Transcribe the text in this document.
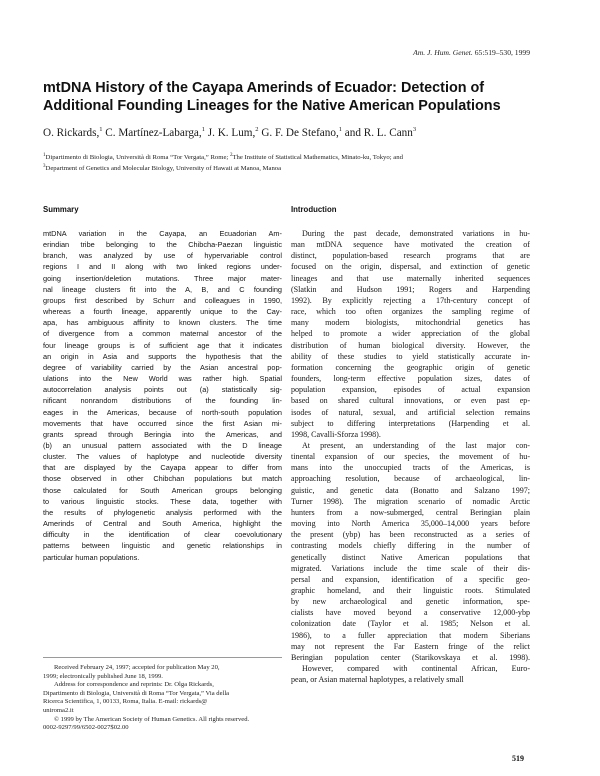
Am. J. Hum. Genet. 65:519–530, 1999
mtDNA History of the Cayapa Amerinds of Ecuador: Detection of
Additional Founding Lineages for the Native American Populations
O. Rickards,$^1$ C. Martínez-Labarga,$^1$ J. K. Lum,$^2$ G. F. De Stefano,$^1$ and R. L. Cann$^3$
$^1$Dipartimento di Biologia, Università di Roma “Tor Vergata,” Rome; $^2$The Institute of Statistical Mathematics, Minato-ku, Tokyo; and
$^3$Department of Genetics and Molecular Biology, University of Hawaii at Manoa, Manoa
Summary	Introduction
mtDNA variation in the Cayapa, an Ecuadorian Am-
erindian tribe belonging to the Chibcha-Paezan linguistic
branch, was analyzed by use of hypervariable control
regions I and II along with two linked regions under-
going insertion/deletion mutations. Three major mater-
nal lineage clusters fit into the A, B, and C founding
groups first described by Schurr and colleagues in 1990,
whereas a fourth lineage, apparently unique to the Cay-
apa, has ambiguous affinity to known clusters. The time
of divergence from a common maternal ancestor of the
four lineage groups is of sufficient age that it indicates
an origin in Asia and supports the hypothesis that the
degree of variability carried by the Asian ancestral pop-
ulations into the New World was rather high. Spatial
autocorrelation analysis points out (a) statistically sig-
nificant nonrandom distributions of the founding lin-
eages in the Americas, because of north-south population
movements that have occurred since the first Asian mi-
grants spread through Beringia into the Americas, and
(b) an unusual pattern associated with the D lineage
cluster. The values of haplotype and nucleotide diversity
that are displayed by the Cayapa appear to differ from
those observed in other Chibchan populations but match
those calculated for South American groups belonging
to various linguistic stocks. These data, together with
the results of phylogenetic analysis performed with the
Amerinds of Central and South America, highlight the
difficulty in the identification of clear coevolutionary
patterns between linguistic and genetic relationships in
particular human populations.
During the past decade, demonstrated variations in hu-
man mtDNA sequence have motivated the creation of
distinct, population-based research programs that are
focused on the origin, dispersal, and extinction of genetic
lineages and that use maternally inherited sequences
(Slatkin and Hudson 1991; Rogers and Harpending
1992). By explicitly rejecting a 17th-century concept of
race, which too often organizes the sampling regime of
many modern biologists, mitochondrial genetics has
helped to promote a wider appreciation of the global
distribution of human biological diversity. However, the
ability of these studies to yield statistically accurate in-
formation concerning the geographic origin of genetic
founders, long-term effective population sizes, dates of
population expansion, episodes of actual expansion
based on shared cultural innovations, or even past ep-
isodes of natural, sexual, and artificial selection remains
subject to differing interpretations (Harpending et al.
1998, Cavalli-Sforza 1998).
At present, an understanding of the last major con-
tinental expansion of our species, the movement of hu-
mans into the unoccupied tracts of the Americas, is
approaching resolution, because of archaeological, lin-
guistic, and genetic data (Bonatto and Salzano 1997;
Turner 1998). The migration scenario of nomadic Arctic
hunters from a now-submerged, central Beringian plain
moving into North America 35,000–14,000 years before
the present (ybp) has been reconstructed as a series of
contrasting models chiefly differing in the number of
genetically distinct Native American populations that
migrated. Variations include the time scale of their dis-
persal and expansion, identification of a specific geo-
graphic homeland, and their linguistic roots. Stimulated
by new archaeological and genetic information, spe-
cialists have moved beyond a conservative 12,000-ybp
colonization date (Taylor et al. 1985; Nelson et al.
1986), to a fuller appreciation that modern Siberians
may not represent the Far Eastern fringe of the relict
Beringian population center (Starikovskaya et al. 1998).
However, compared with continental African, Euro-
pean, or Asian maternal haplotypes, a relatively small
Received February 24, 1997; accepted for publication May 20,
1999; electronically published June 18, 1999.
Address for correspondence and reprints: Dr. Olga Rickards,
Dipartimento di Biologia, Università di Roma “Tor Vergata,” Via della
Ricerca Scientifica, 1, 00133, Roma, Italia. E-mail: rickards@
uniroma2.it
© 1999 by The American Society of Human Genetics. All rights reserved.
0002-9297/99/6502-0027$02.00
519
